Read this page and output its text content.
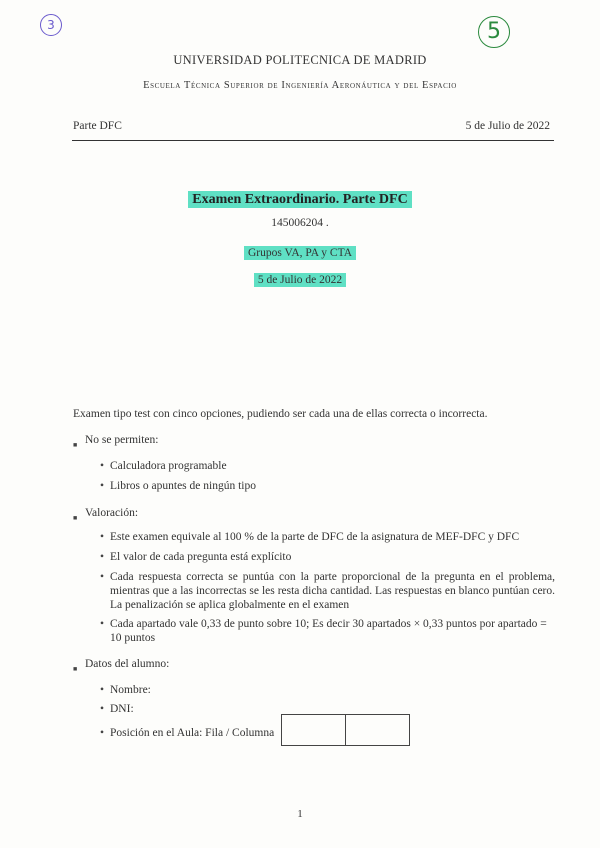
3	5
UNIVERSIDAD POLITECNICA DE MADRID
Escuela Técnica Superior de Ingeniería Aeronáutica y del Espacio
Parte DFC	5 de Julio de 2022
Examen Extraordinario. Parte DFC
145006204 .
Grupos VA, PA y CTA
5 de Julio de 2022
Examen tipo test con cinco opciones, pudiendo ser cada una de ellas correcta o incorrecta.
■ No se permiten:
• Calculadora programable
• Libros o apuntes de ningún tipo
■ Valoración:
• Este examen equivale al 100 % de la parte de DFC de la asignatura de MEF-DFC y DFC
• El valor de cada pregunta está explícito
• Cada respuesta correcta se puntúa con la parte proporcional de la pregunta en el problema, mientras que a las incorrectas se les resta dicha cantidad. Las respuestas en blanco puntúan cero. La penalización se aplica globalmente en el examen
• Cada apartado vale 0,33 de punto sobre 10; Es decir 30 apartados × 0,33 puntos por apartado = 10 puntos
■ Datos del alumno:
• Nombre:
• DNI:
• Posición en el Aula: Fila / Columna
1
